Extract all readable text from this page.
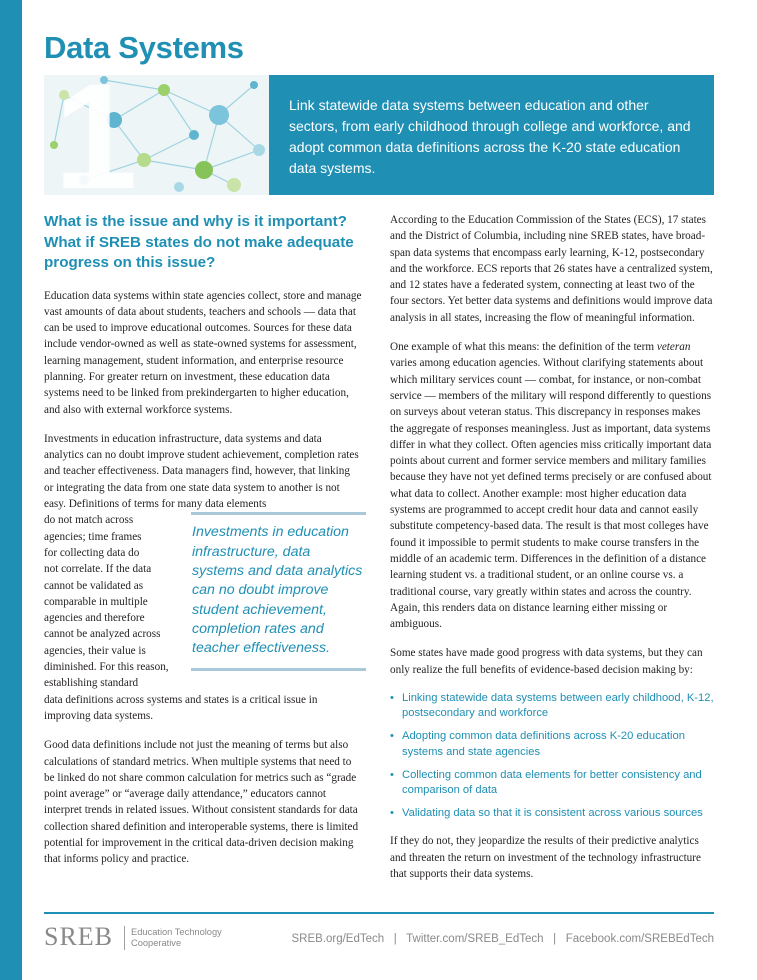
Data Systems
1	Link statewide data systems between education and other sectors, from early childhood through college and workforce, and adopt common data definitions across the K-20 state education data systems.

What is the issue and why is it important? What if SREB states do not make adequate progress on this issue?

Education data systems within state agencies collect, store and manage vast amounts of data about students, teachers and schools — data that can be used to improve educational outcomes. Sources for these data include vendor-owned as well as state-owned systems for assessment, learning management, student information, and enterprise resource planning. For greater return on investment, these education data systems need to be linked from prekindergarten to higher education, and also with external workforce systems.

Investments in education infrastructure, data systems and data analytics can no doubt improve student achievement, completion rates and teacher effectiveness. Data managers find, however, that linking or integrating the data from one state data system to another is not easy. Definitions of terms for many data elements

do not match across
agencies; time frames
for collecting data do
not correlate. If the data
cannot be validated as
comparable in multiple
agencies and therefore
cannot be analyzed across
agencies, their value is
diminished. For this reason,
establishing standard

Investments in education infrastructure, data systems and data analytics can no doubt improve student achievement, completion rates and teacher effectiveness.

data definitions across systems and states is a critical issue in improving data systems.

Good data definitions include not just the meaning of terms but also calculations of standard metrics. When multiple systems that need to be linked do not share common calculation for metrics such as “grade point average” or “average daily attendance,” educators cannot interpret trends in related issues. Without consistent standards for data collection shared definition and interoperable systems, there is limited potential for improvement in the critical data-driven decision making that informs policy and practice.

According to the Education Commission of the States (ECS), 17 states and the District of Columbia, including nine SREB states, have broad-span data systems that encompass early learning, K-12, postsecondary and the workforce. ECS reports that 26 states have a centralized system, and 12 states have a federated system, connecting at least two of the four sectors. Yet better data systems and definitions would improve data analysis in all states, increasing the flow of meaningful information.

One example of what this means: the definition of the term veteran varies among education agencies. Without clarifying statements about which military services count — combat, for instance, or non-combat service — members of the military will respond differently to questions on surveys about veteran status. This discrepancy in responses makes the aggregate of responses meaningless. Just as important, data systems differ in what they collect. Often agencies miss critically important data points about current and former service members and military families because they have not yet defined terms precisely or are confused about what data to collect. Another example: most higher education data systems are programmed to accept credit hour data and cannot easily substitute competency-based data. The result is that most colleges have found it impossible to permit students to make course transfers in the middle of an academic term. Differences in the definition of a distance learning student vs. a traditional student, or an online course vs. a traditional course, vary greatly within states and across the country. Again, this renders data on distance learning either missing or ambiguous.

Some states have made good progress with data systems, but they can only realize the full benefits of evidence-based decision making by:

• Linking statewide data systems between early childhood, K-12, postsecondary and workforce
• Adopting common data definitions across K-20 education systems and state agencies
• Collecting common data elements for better consistency and comparison of data
• Validating data so that it is consistent across various sources

If they do not, they jeopardize the results of their predictive analytics and threaten the return on investment of the technology infrastructure that supports their data systems.

SREB Education Technology
Cooperative	SREB.org/EdTech   |   Twitter.com/SREB_EdTech   |   Facebook.com/SREBEdTech
